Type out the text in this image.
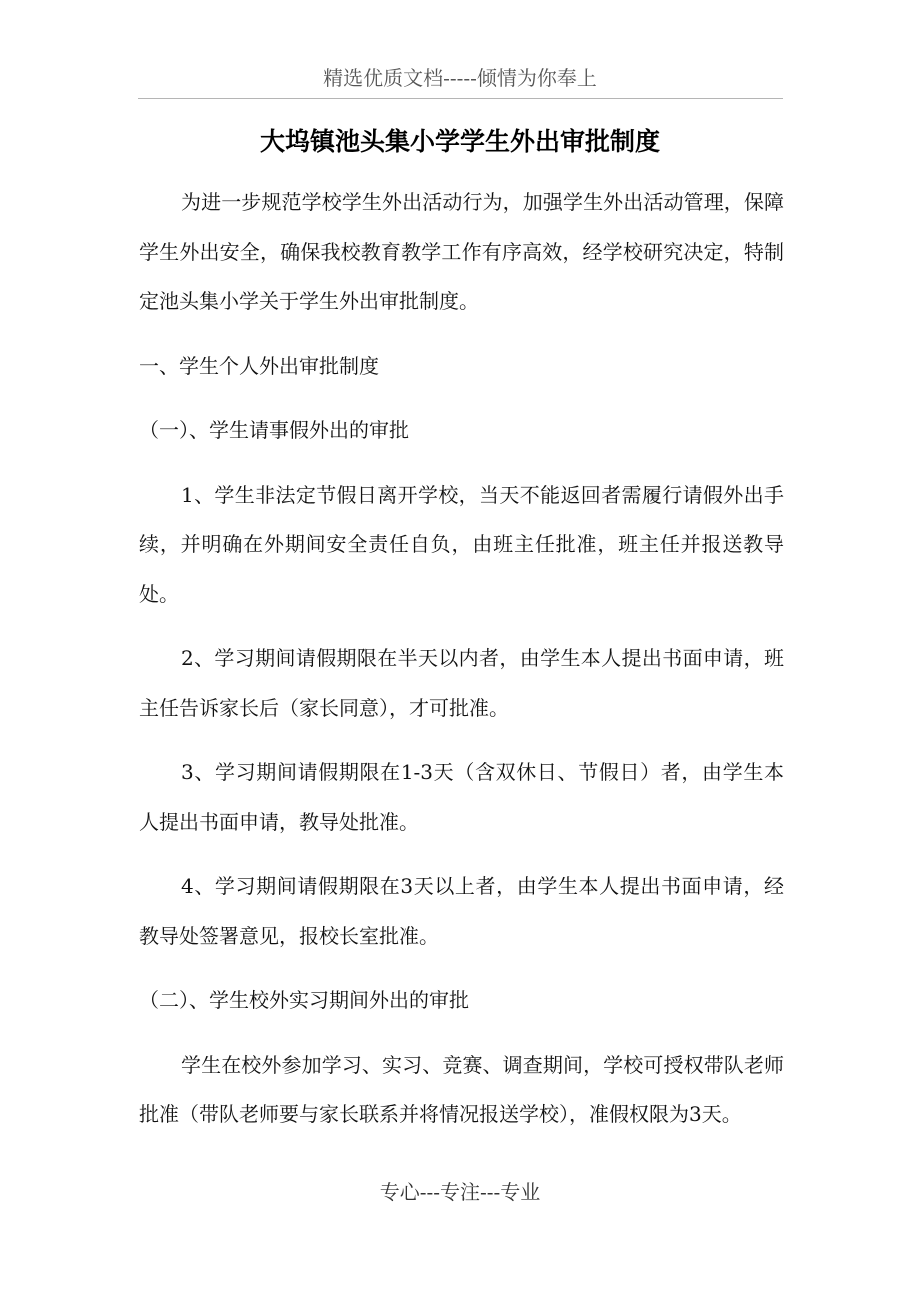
精选优质文档-----倾情为你奉上
大坞镇池头集小学学生外出审批制度

为进一步规范学校学生外出活动行为，加强学生外出活动管理，保障学生外出安全，确保我校教育教学工作有序高效，经学校研究决定，特制定池头集小学关于学生外出审批制度。

一、学生个人外出审批制度

（一）、学生请事假外出的审批

1、学生非法定节假日离开学校，当天不能返回者需履行请假外出手续，并明确在外期间安全责任自负，由班主任批准，班主任并报送教导处。

2、学习期间请假期限在半天以内者，由学生本人提出书面申请，班主任告诉家长后（家长同意），才可批准。

3、学习期间请假期限在1-3天（含双休日、节假日）者，由学生本人提出书面申请，教导处批准。

4、学习期间请假期限在3天以上者，由学生本人提出书面申请，经教导处签署意见，报校长室批准。

（二）、学生校外实习期间外出的审批

学生在校外参加学习、实习、竞赛、调查期间，学校可授权带队老师批准（带队老师要与家长联系并将情况报送学校），准假权限为3天。

专心---专注---专业
